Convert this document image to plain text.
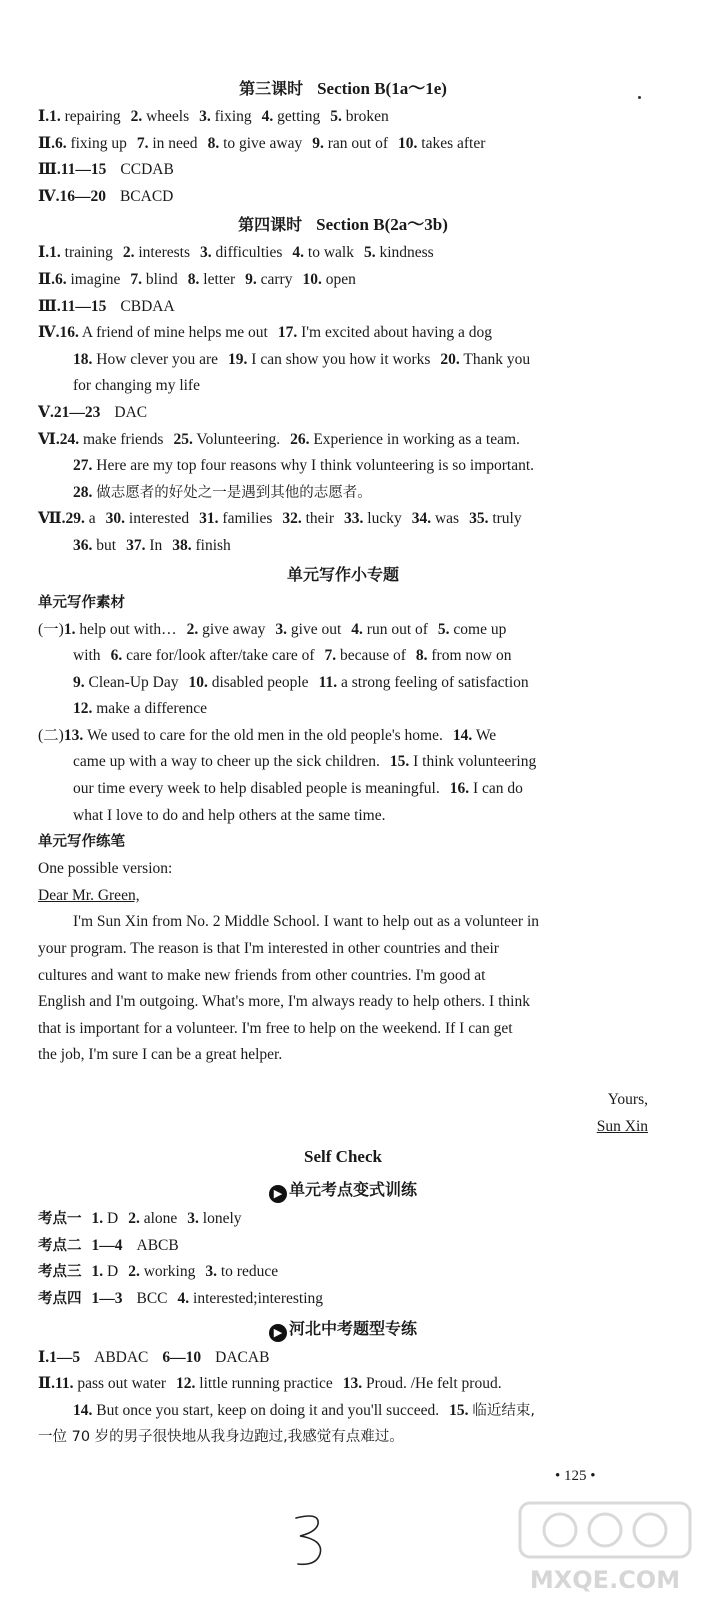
第三课时 Section B(1a～1e)
Ⅰ.1. repairing 2. wheels 3. fixing 4. getting 5. broken
Ⅱ.6. fixing up 7. in need 8. to give away 9. ran out of 10. takes after
Ⅲ.11—15 CCDAB
Ⅳ.16—20 BCACD
第四课时 Section B(2a～3b)
Ⅰ.1. training 2. interests 3. difficulties 4. to walk 5. kindness
Ⅱ.6. imagine 7. blind 8. letter 9. carry 10. open
Ⅲ.11—15 CBDAA
Ⅳ.16. A friend of mine helps me out 17. I'm excited about having a dog
18. How clever you are 19. I can show you how it works 20. Thank you
for changing my life
Ⅴ.21—23 DAC
Ⅵ.24. make friends 25. Volunteering. 26. Experience in working as a team.
27. Here are my top four reasons why I think volunteering is so important.
28. 做志愿者的好处之一是遇到其他的志愿者。
Ⅶ.29. a 30. interested 31. families 32. their 33. lucky 34. was 35. truly
36. but 37. In 38. finish
单元写作小专题
单元写作素材
(一)1. help out with… 2. give away 3. give out 4. run out of 5. come up
with 6. care for/look after/take care of 7. because of 8. from now on
9. Clean-Up Day 10. disabled people 11. a strong feeling of satisfaction
12. make a difference
(二)13. We used to care for the old men in the old people's home. 14. We
came up with a way to cheer up the sick children. 15. I think volunteering
our time every week to help disabled people is meaningful. 16. I can do
what I love to do and help others at the same time.
单元写作练笔
One possible version:
Dear Mr. Green,
I'm Sun Xin from No. 2 Middle School. I want to help out as a volunteer in
your program. The reason is that I'm interested in other countries and their
cultures and want to make new friends from other countries. I'm good at
English and I'm outgoing. What's more, I'm always ready to help others. I think
that is important for a volunteer. I'm free to help on the weekend. If I can get
the job, I'm sure I can be a great helper.
Yours,
Sun Xin
Self Check
▶ 单元考点变式训练
考点一 1. D 2. alone 3. lonely
考点二 1—4 ABCB
考点三 1. D 2. working 3. to reduce
考点四 1—3 BCC 4. interested;interesting
▶ 河北中考题型专练
Ⅰ.1—5 ABDAC 6—10 DACAB
Ⅱ.11. pass out water 12. little running practice 13. Proud. /He felt proud.
14. But once you start, keep on doing it and you'll succeed. 15. 临近结束,
一位 70 岁的男子很快地从我身边跑过,我感觉有点难过。
• 125 •
MXQE.COM
